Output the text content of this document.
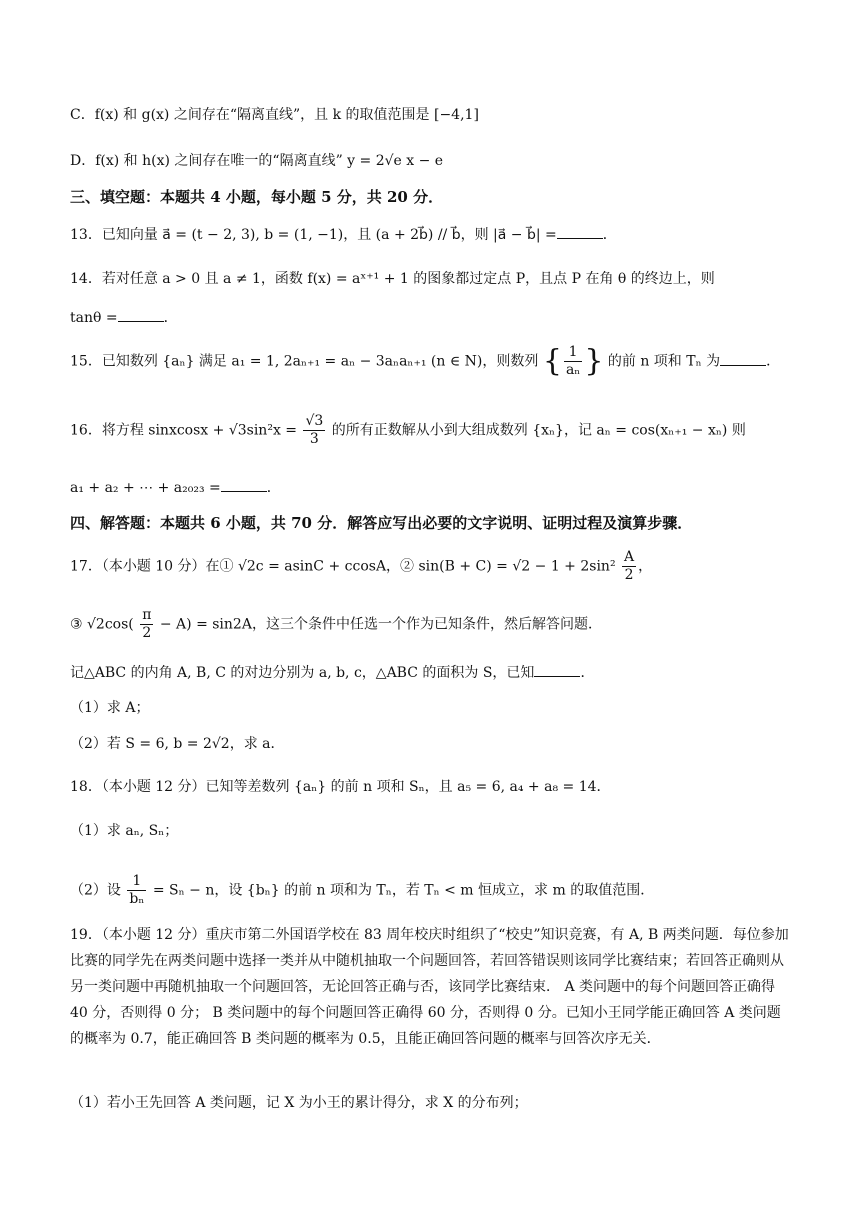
C．f(x) 和 g(x) 之间存在“隔离直线”，且 k 的取值范围是 [−4,1]
D．f(x) 和 h(x) 之间存在唯一的“隔离直线” y = 2√e x − e
三、填空题：本题共 4 小题，每小题 5 分，共 20 分．
13．已知向量 a⃗ = (t − 2, 3), b = (1, −1)，且 (a + 2b⃗) // b⃗，则 |a⃗ − b⃗| =	．
14．若对任意 a > 0 且 a ≠ 1，函数 f(x) = aˣ⁺¹ + 1 的图象都过定点 P，且点 P 在角 θ 的终边上，则
tanθ =	．
15．已知数列 {aₙ} 满足 a₁ = 1, 2aₙ₊₁ = aₙ − 3aₙaₙ₊₁ (n ∈ N)，则数列 { $\frac{1}{\text{aₙ}}$ } 的前 n 项和 Tₙ 为	．
16．将方程 sinxcosx + $√3\sin^2x = \frac{√3}{3}$ 的所有正数解从小到大组成数列 {xₙ}，记 aₙ = cos(xₙ₊₁ − xₙ) 则
a₁ + a₂ + ⋯ + a₂₀₂₃ =	．
四、解答题：本题共 6 小题，共 70 分．解答应写出必要的文字说明、证明过程及演算步骤．
17．（本小题 10 分）在① √2c = asinC + ccosA，② $\sin(B + C) = √2 - 1 + 2\sin^2 \frac{A}{2}$ ，
③ $√2\cos( \frac{\pi}{2} - A) = \sin 2A$，这三个条件中任选一个作为已知条件，然后解答问题．
记△ABC 的内角 A, B, C 的对边分别为 a, b, c，△ABC 的面积为 S，已知	．
（1）求 A；
（2）若 S = 6, b = 2√2，求 a．
18．（本小题 12 分）已知等差数列 {aₙ} 的前 n 项和 Sₙ，且 a₅ = 6, a₄ + a₈ = 14．
（1）求 aₙ, Sₙ；
（2）设 $\frac{1}{\text{bₙ}} = S_n - n$，设 {bₙ} 的前 n 项和为 Tₙ，若 Tₙ < m 恒成立，求 m 的取值范围．
19．（本小题 12 分）重庆市第二外国语学校在 83 周年校庆时组织了“校史”知识竞赛，有 A, B 两类问题．每位参加比赛的同学先在两类问题中选择一类并从中随机抽取一个问题回答，若回答错误则该同学比赛结束；若回答正确则从另一类问题中再随机抽取一个问题回答，无论回答正确与否，该同学比赛结束． A 类问题中的每个问题回答正确得 40 分，否则得 0 分； B 类问题中的每个问题回答正确得 60 分，否则得 0 分。已知小王同学能正确回答 A 类问题的概率为 0.7，能正确回答 B 类问题的概率为 0.5，且能正确回答问题的概率与回答次序无关．
（1）若小王先回答 A 类问题，记 X 为小王的累计得分，求 X 的分布列；
